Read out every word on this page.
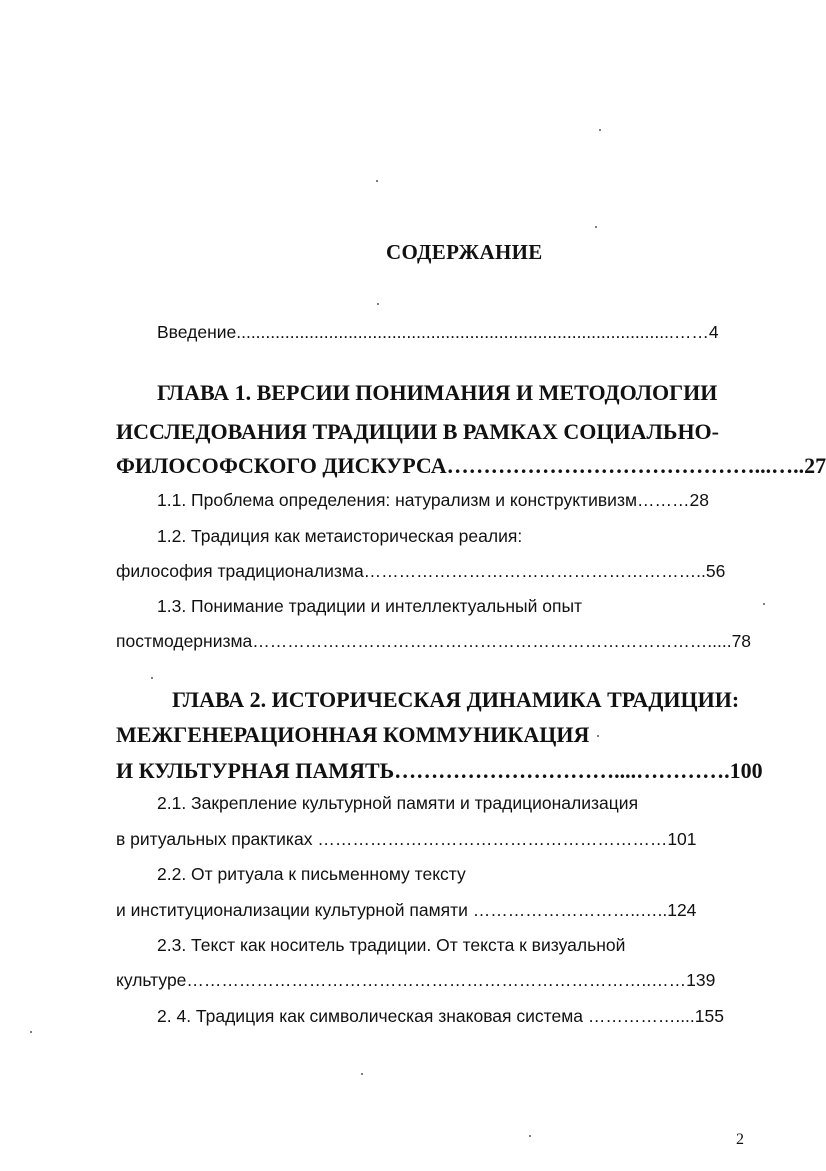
СОДЕРЖАНИЕ
Введение..........................................................................................……4
ГЛАВА 1. ВЕРСИИ ПОНИМАНИЯ И МЕТОДОЛОГИИ
ИССЛЕДОВАНИЯ ТРАДИЦИИ В РАМКАХ СОЦИАЛЬНО-
ФИЛОСОФСКОГО ДИСКУРСА……………………………………...…..27
1.1. Проблема определения: натурализм и конструктивизм………28
1.2. Традиция как метаисторическая реалия:
философия традиционализма…………………………………………………..56
1.3. Понимание традиции и интеллектуальный опыт
постмодернизма…………………………………………………………………….....78
ГЛАВА 2. ИСТОРИЧЕСКАЯ ДИНАМИКА ТРАДИЦИИ:
МЕЖГЕНЕРАЦИОННАЯ КОММУНИКАЦИЯ
И КУЛЬТУРНАЯ ПАМЯТЬ…………………………....………….100
2.1. Закрепление культурной памяти и традиционализация
в ритуальных практиках ……………………………………………………101
2.2. От ритуала к письменному тексту
и институционализации культурной памяти ………………………..…..124
2.3. Текст как носитель традиции. От текста к визуальной
культуре……………………………………………………………………..……139
2. 4. Традиция как символическая знаковая система ……………....155
2
